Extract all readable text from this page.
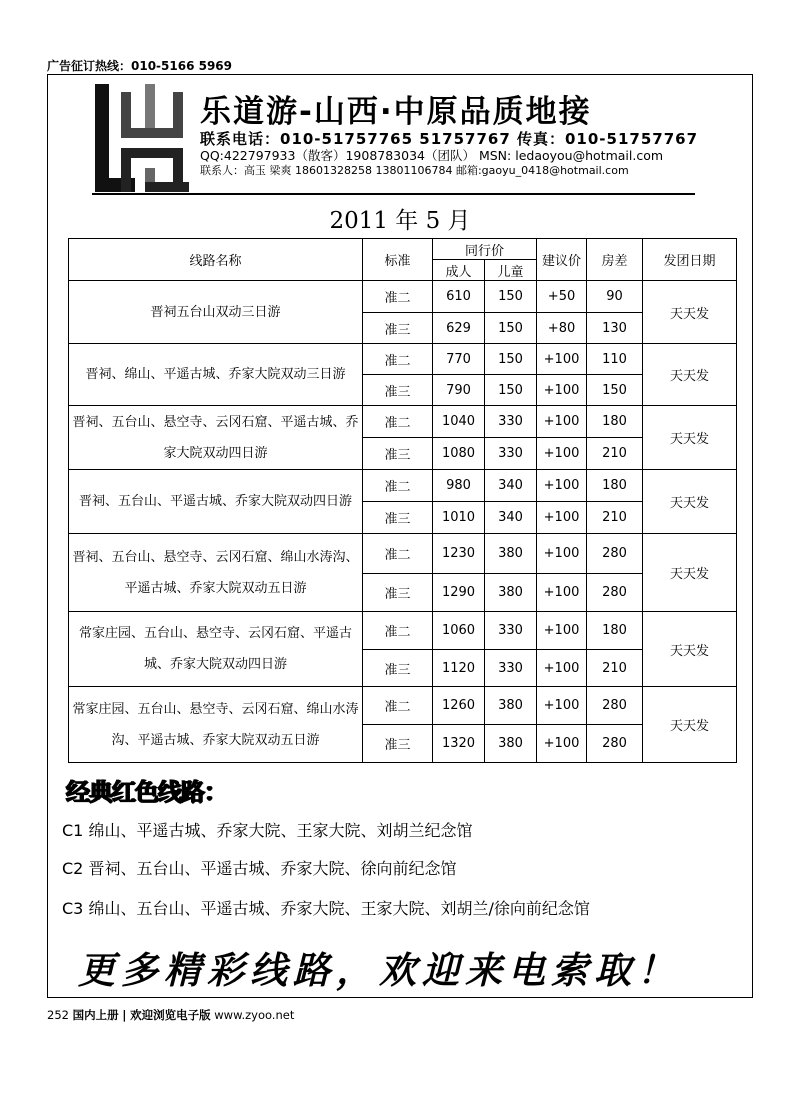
广告征订热线：010-5166 5969
乐道游-山西·中原品质地接
联系电话：010-51757765 51757767 传真：010-51757767
QQ:422797933（散客）1908783034（团队） MSN: ledaoyou@hotmail.com
联系人：高玉 梁爽 18601328258 13801106784 邮箱:gaoyu_0418@hotmail.com
2011 年 5 月
线路名称	标准	同行价		建议价	房差	发团日期
		成人	儿童			
晋祠五台山双动三日游	准二	610	150	+50	90	天天发
	准三	629	150	+80	130	
晋祠、绵山、平遥古城、乔家大院双动三日游	准二	770	150	+100	110	天天发
	准三	790	150	+100	150	
晋祠、五台山、悬空寺、云冈石窟、平遥古城、乔家大院双动四日游	准二	1040	330	+100	180	天天发
	准三	1080	330	+100	210	
晋祠、五台山、平遥古城、乔家大院双动四日游	准二	980	340	+100	180	天天发
	准三	1010	340	+100	210	
晋祠、五台山、悬空寺、云冈石窟、绵山水涛沟、平遥古城、乔家大院双动五日游	准二	1230	380	+100	280	天天发
	准三	1290	380	+100	280	
常家庄园、五台山、悬空寺、云冈石窟、平遥古城、乔家大院双动四日游	准二	1060	330	+100	180	天天发
	准三	1120	330	+100	210	
常家庄园、五台山、悬空寺、云冈石窟、绵山水涛沟、平遥古城、乔家大院双动五日游	准二	1260	380	+100	280	天天发
	准三	1320	380	+100	280	
经典红色线路：
C1 绵山、平遥古城、乔家大院、王家大院、刘胡兰纪念馆
C2 晋祠、五台山、平遥古城、乔家大院、徐向前纪念馆
C3 绵山、五台山、平遥古城、乔家大院、王家大院、刘胡兰/徐向前纪念馆
更多精彩线路，欢迎来电索取！
252 国内上册 | 欢迎浏览电子版 www.zyoo.net
